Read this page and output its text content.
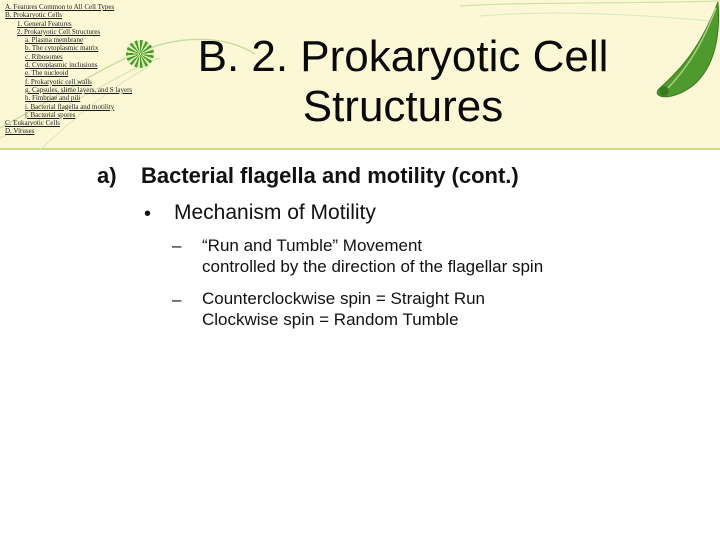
A. Features Common to All Cell Types
B. Prokaryotic Cells
1. General Features
2. Prokaryotic Cell Structures
a. Plasma membrane
b. The cytoplasmic matrix
c. Ribosomes
d. Cytoplasmic inclusions
e. The nucleoid
f. Prokaryotic cell walls
g. Capsules, slime layers, and S layers
h. Fimbriae and pili
i. Bacterial flagella and motility
j. Bacterial spores
C. Eukaryotic Cells
D. Viruses
B. 2. Prokaryotic Cell
Structures
a) Bacterial flagella and motility (cont.)
• Mechanism of Motility
– “Run and Tumble” Movement
controlled by the direction of the flagellar spin
– Counterclockwise spin = Straight Run
Clockwise spin = Random Tumble
